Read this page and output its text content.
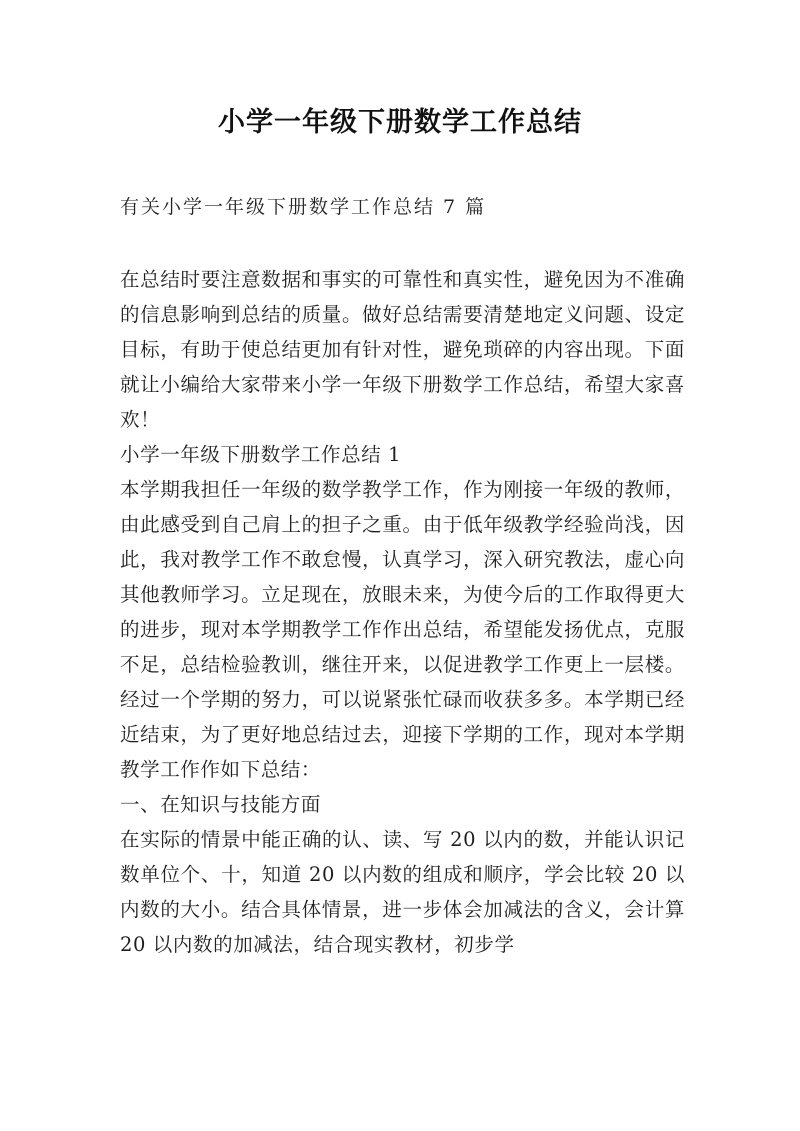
小学一年级下册数学工作总结
有关小学一年级下册数学工作总结 7 篇

在总结时要注意数据和事实的可靠性和真实性，避免因为不准确的信息影响到总结的质量。做好总结需要清楚地定义问题、设定目标，有助于使总结更加有针对性，避免琐碎的内容出现。下面就让小编给大家带来小学一年级下册数学工作总结，希望大家喜欢！

小学一年级下册数学工作总结 1

本学期我担任一年级的数学教学工作，作为刚接一年级的教师，由此感受到自己肩上的担子之重。由于低年级教学经验尚浅，因此，我对教学工作不敢怠慢，认真学习，深入研究教法，虚心向其他教师学习。立足现在，放眼未来，为使今后的工作取得更大的进步，现对本学期教学工作作出总结，希望能发扬优点，克服不足，总结检验教训，继往开来，以促进教学工作更上一层楼。经过一个学期的努力，可以说紧张忙碌而收获多多。本学期已经近结束，为了更好地总结过去，迎接下学期的工作，现对本学期教学工作作如下总结：

一、在知识与技能方面

在实际的情景中能正确的认、读、写 20 以内的数，并能认识记数单位个、十，知道 20 以内数的组成和顺序，学会比较 20 以内数的大小。结合具体情景，进一步体会加减法的含义，会计算 20 以内数的加减法，结合现实教材，初步学
